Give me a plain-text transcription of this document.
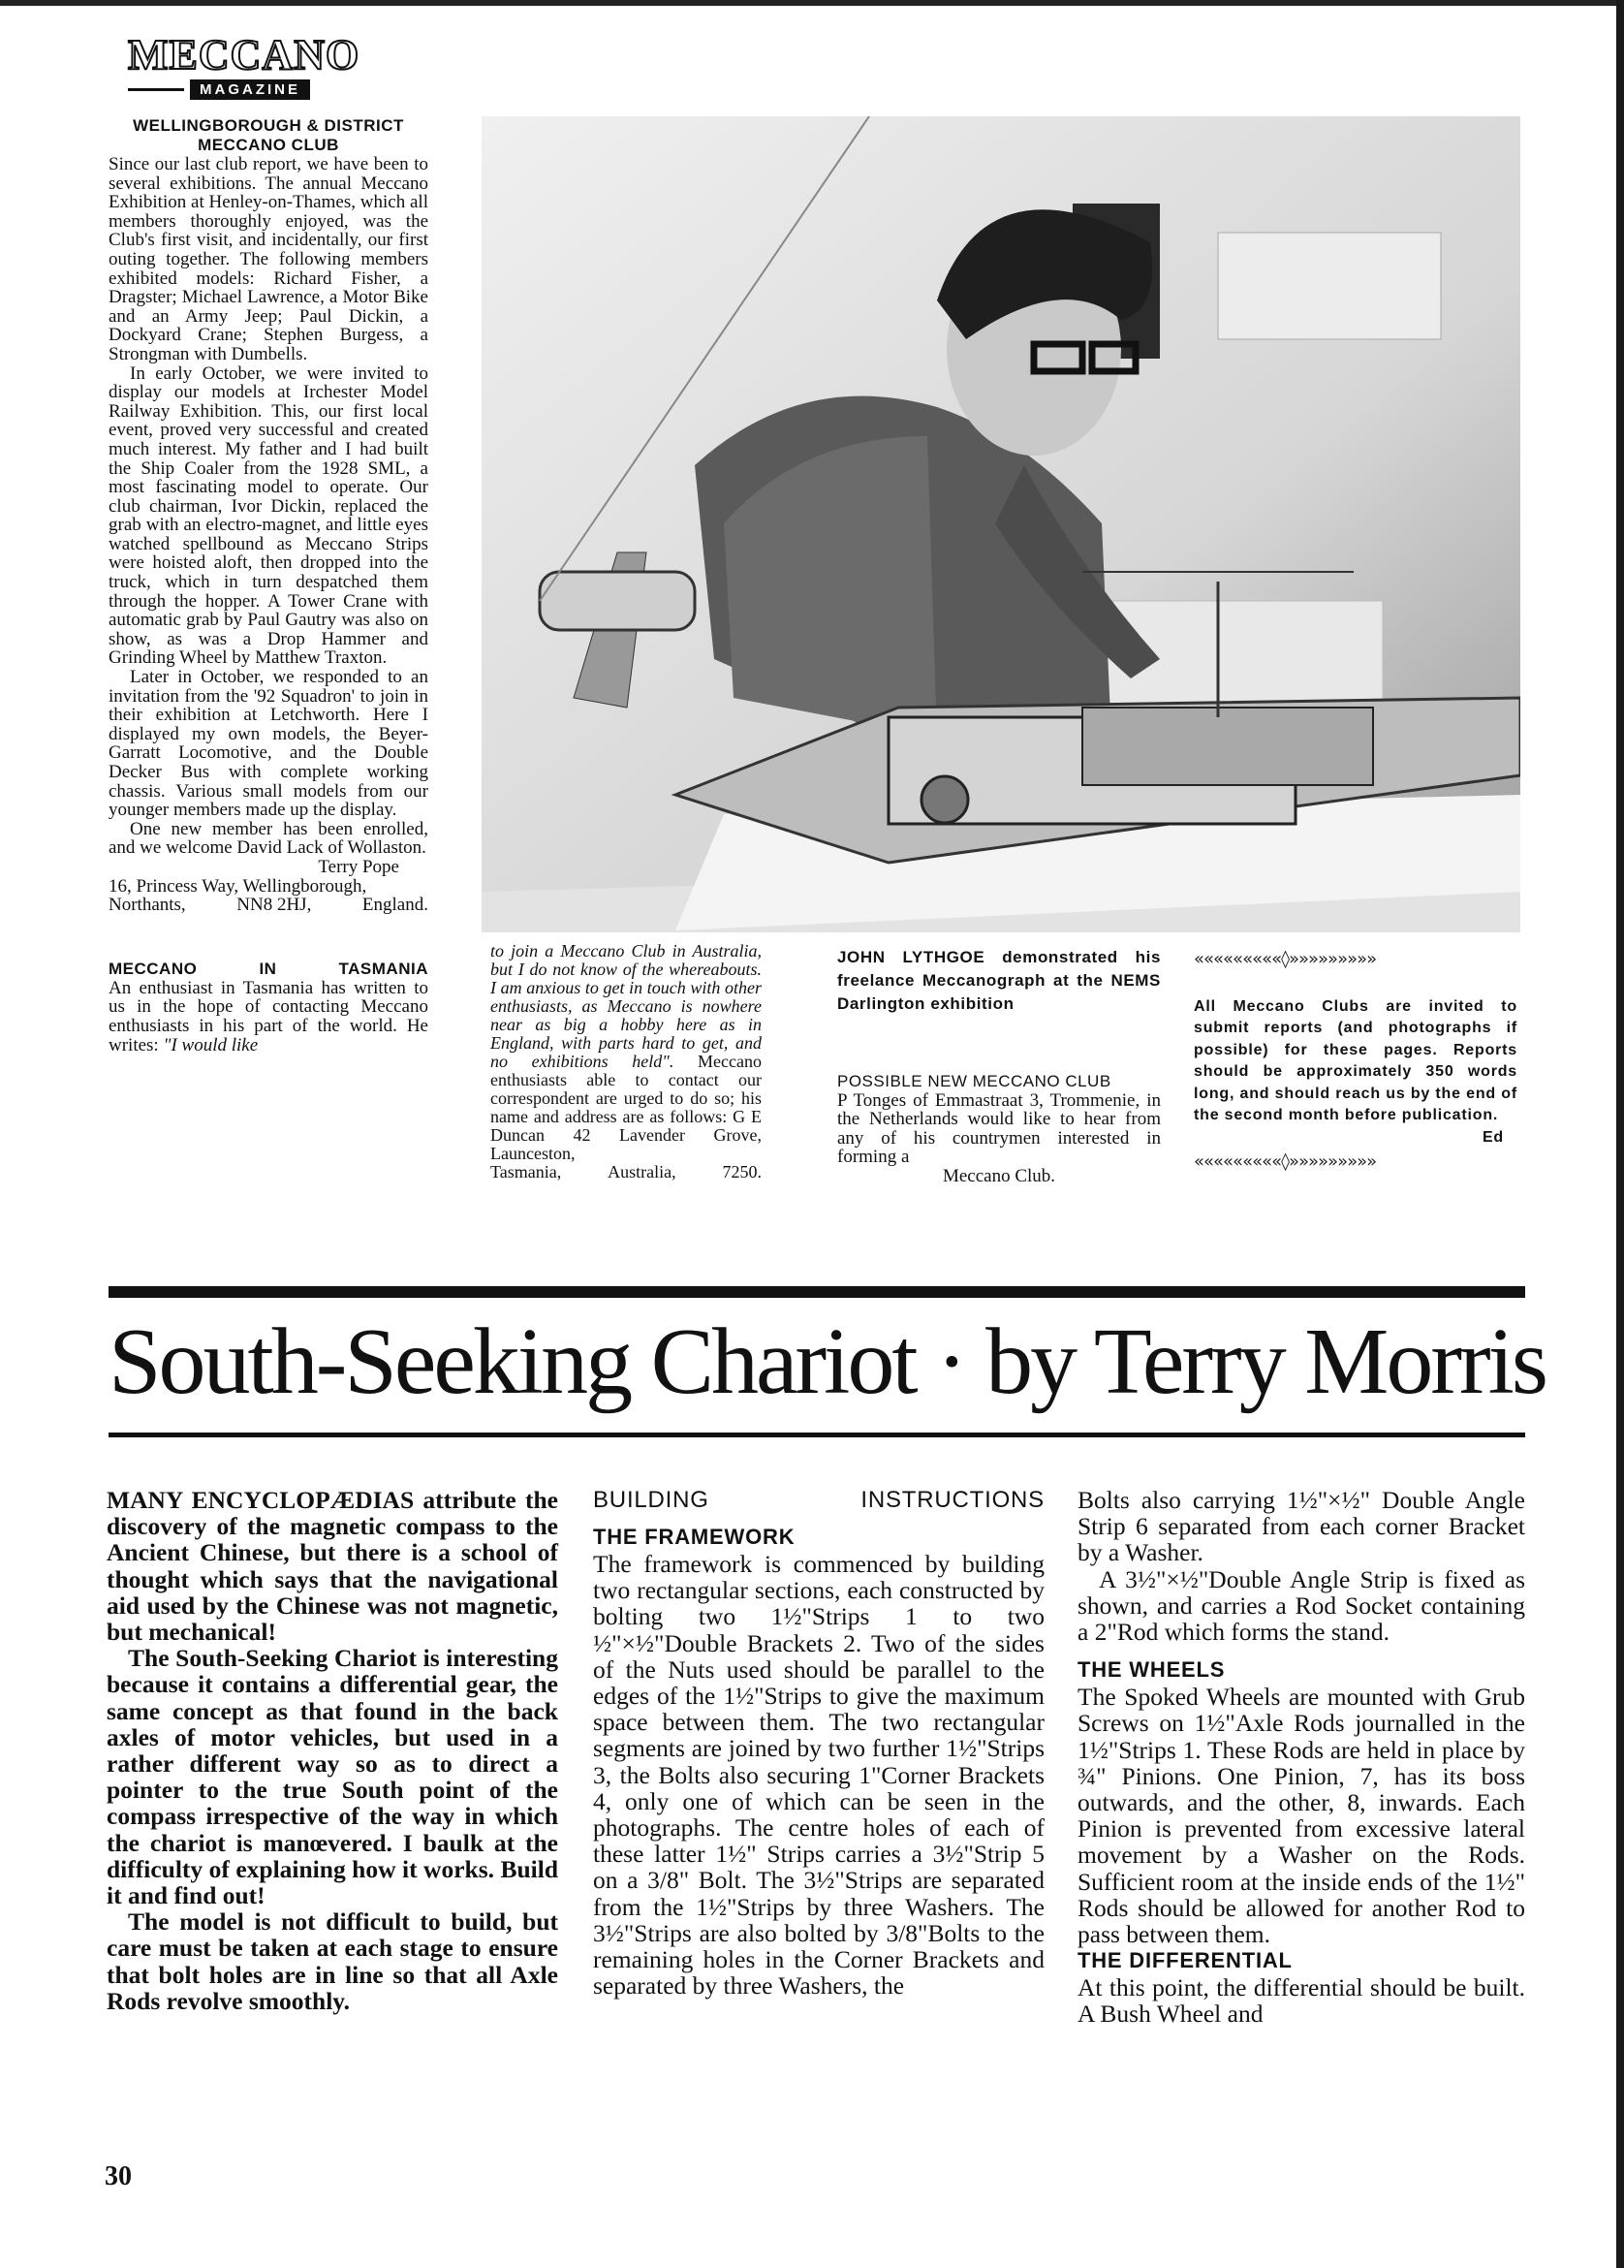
MECCANO
MAGAZINE
WELLINGBOROUGH & DISTRICT
MECCANO CLUB

Since our last club report, we have been to several exhibitions. The annual Meccano Exhibition at Henley-on-Thames, which all members thoroughly enjoyed, was the Club's first visit, and incidentally, our first outing together. The following members exhibited models: Richard Fisher, a Dragster; Michael Lawrence, a Motor Bike and an Army Jeep; Paul Dickin, a Dockyard Crane; Stephen Burgess, a Strongman with Dumbells.

In early October, we were invited to display our models at Irchester Model Railway Exhibition. This, our first local event, proved very successful and created much interest. My father and I had built the Ship Coaler from the 1928 SML, a most fascinating model to operate. Our club chairman, Ivor Dickin, replaced the grab with an electro-magnet, and little eyes watched spellbound as Meccano Strips were hoisted aloft, then dropped into the truck, which in turn despatched them through the hopper. A Tower Crane with automatic grab by Paul Gautry was also on show, as was a Drop Hammer and Grinding Wheel by Matthew Traxton.

Later in October, we responded to an invitation from the '92 Squadron' to join in their exhibition at Letchworth. Here I displayed my own models, the Beyer-Garratt Locomotive, and the Double Decker Bus with complete working chassis. Various small models from our younger members made up the display.

One new member has been enrolled, and we welcome David Lack of Wollaston.

Terry Pope
16, Princess Way, Wellingborough,
Northants,	NN8 2HJ,	England.
MECCANO	IN	TASMANIA

An enthusiast in Tasmania has written to us in the hope of contacting Meccano enthusiasts in his part of the world. He writes: "I would like

to join a Meccano Club in Australia, but I do not know of the whereabouts. I am anxious to get in touch with other enthusiasts, as Meccano is nowhere near as big a hobby here as in England, with parts hard to get, and no exhibitions held". Meccano enthusiasts able to contact our correspondent are urged to do so; his name and address are as follows: G E Duncan 42 Lavender Grove, Launceston,

Tasmania,	Australia,	7250.

JOHN LYTHGOE demonstrated his freelance Meccanograph at the NEMS Darlington exhibition

POSSIBLE NEW MECCANO CLUB

P Tonges of Emmastraat 3, Trommenie, in the Netherlands would like to hear from any of his countrymen interested in forming a

Meccano Club.
«««««««««◊»»»»»»»»»

All Meccano Clubs are invited to submit reports (and photographs if possible) for these pages. Reports should be approximately 350 words long, and should reach us by the end of the second month before publication.
Ed

«««««««««◊»»»»»»»»»
South-Seeking Chariot · by Terry Morris

MANY ENCYCLOPÆDIAS attribute the discovery of the magnetic compass to the Ancient Chinese, but there is a school of thought which says that the navigational aid used by the Chinese was not magnetic, but mechanical!

The South-Seeking Chariot is interesting because it contains a differential gear, the same concept as that found in the back axles of motor vehicles, but used in a rather different way so as to direct a pointer to the true South point of the compass irrespective of the way in which the chariot is manœvered. I baulk at the difficulty of explaining how it works. Build it and find out!

The model is not difficult to build, but care must be taken at each stage to ensure that bolt holes are in line so that all Axle Rods revolve smoothly.

BUILDING	INSTRUCTIONS
THE FRAMEWORK

The framework is commenced by building two rectangular sections, each constructed by bolting two 1½"Strips 1 to two ½"×½"Double Brackets 2. Two of the sides of the Nuts used should be parallel to the edges of the 1½"Strips to give the maximum space between them. The two rectangular segments are joined by two further 1½"Strips 3, the Bolts also securing 1"Corner Brackets 4, only one of which can be seen in the photographs. The centre holes of each of these latter 1½" Strips carries a 3½"Strip 5 on a 3/8" Bolt. The 3½"Strips are separated from the 1½"Strips by three Washers. The 3½"Strips are also bolted by 3/8"Bolts to the remaining holes in the Corner Brackets and separated by three Washers, the

Bolts also carrying 1½"×½" Double Angle Strip 6 separated from each corner Bracket by a Washer.

A 3½"×½"Double Angle Strip is fixed as shown, and carries a Rod Socket containing a 2"Rod which forms the stand.

THE WHEELS

The Spoked Wheels are mounted with Grub Screws on 1½"Axle Rods journalled in the 1½"Strips 1. These Rods are held in place by ¾" Pinions. One Pinion, 7, has its boss outwards, and the other, 8, inwards. Each Pinion is prevented from excessive lateral movement by a Washer on the Rods. Sufficient room at the inside ends of the 1½" Rods should be allowed for another Rod to pass between them.

THE DIFFERENTIAL

At this point, the differential should be built. A Bush Wheel and

30
